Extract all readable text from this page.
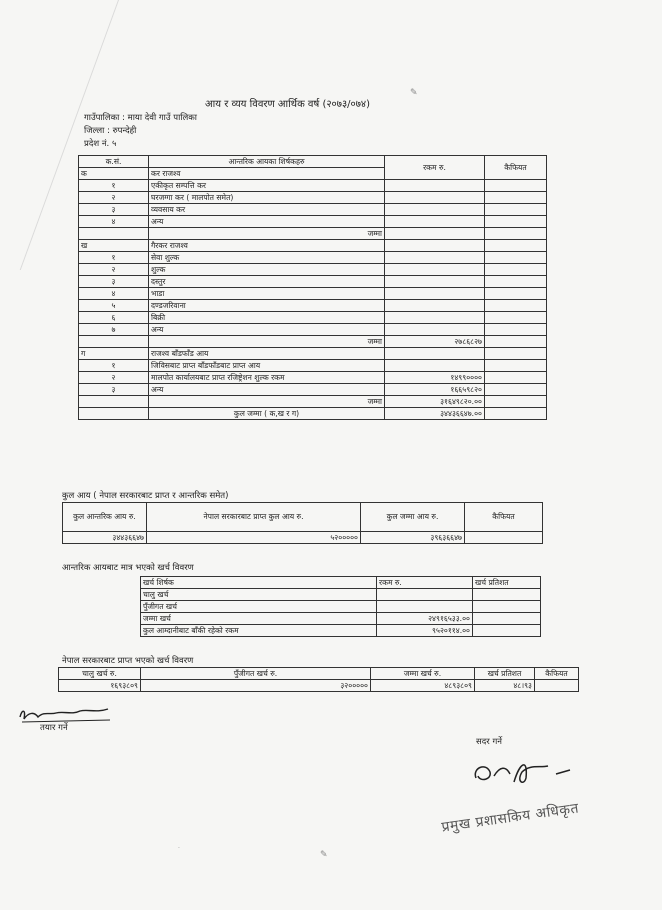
आय र व्यय विवरण आर्थिक वर्ष (२०७३/०७४)
✎
गाउँपालिका : माया देवी गाउँ पालिका
जिल्ला : रुपन्देही
प्रदेश नं. ५
क.सं.	आन्तरिक आयका शिर्षकहरु	रकम रु.	कैफियत
क	कर राजश्व		
१	एकीकृत सम्पत्ति कर		
२	घरजग्गा कर ( मालपोत समेत)		
३	व्यवसाय कर		
४	अन्य		
	जम्मा		
ख	गैरकर राजश्व		
१	सेवा शुल्क		
२	शुल्क		
३	दस्तुर		
४	भाडा		
५	दण्डजरिवाना		
६	बिक्री		
७	अन्य		
	जम्मा	२७८६८२७	
ग	राजश्व बाँडफाँड आय		
१	जिविसबाट प्राप्त बाँडफाँडबाट प्राप्त आय		
२	मालपोत कार्यालयबाट प्राप्त रजिष्ट्रेशन शुल्क रकम	१४९९००००	
३	अन्य	१६६५९८२०	
	जम्मा	३१६४९८२०.००	
	कुल जम्मा ( क,ख र ग)	३४४३६६४७.००	
कुल आय ( नेपाल सरकारबाट प्राप्त र आन्तरिक समेत)
कुल आन्तरिक आय रु.	नेपाल सरकारबाट प्राप्त कुल आय रु.	कुल जम्मा आय रु.	कैफियत
३४४३६६४७	५२०००००	३९६३६६४७	
आन्तरिक आयबाट मात्र भएको खर्च विवरण
खर्च शिर्षक	रकम रु.	खर्च प्रतिशत
चालु खर्च		
पुँजीगत खर्च		
जम्मा खर्च	२४९१६५३३.००	
कुल आम्दानीबाट बाँकी रहेको रकम	९५२०११४.००	
नेपाल सरकारबाट प्राप्त भएको खर्च विवरण
चालु खर्च रु.	पुँजीगत खर्च रु.	जम्मा खर्च रु.	खर्च प्रतिशत	कैफियत
१६९३८०९	३२०००००	४८९३८०९	४८।९३	
तयार गर्ने
सदर गर्ने
प्रमुख प्रशासकिय अधिकृत
✎
·
